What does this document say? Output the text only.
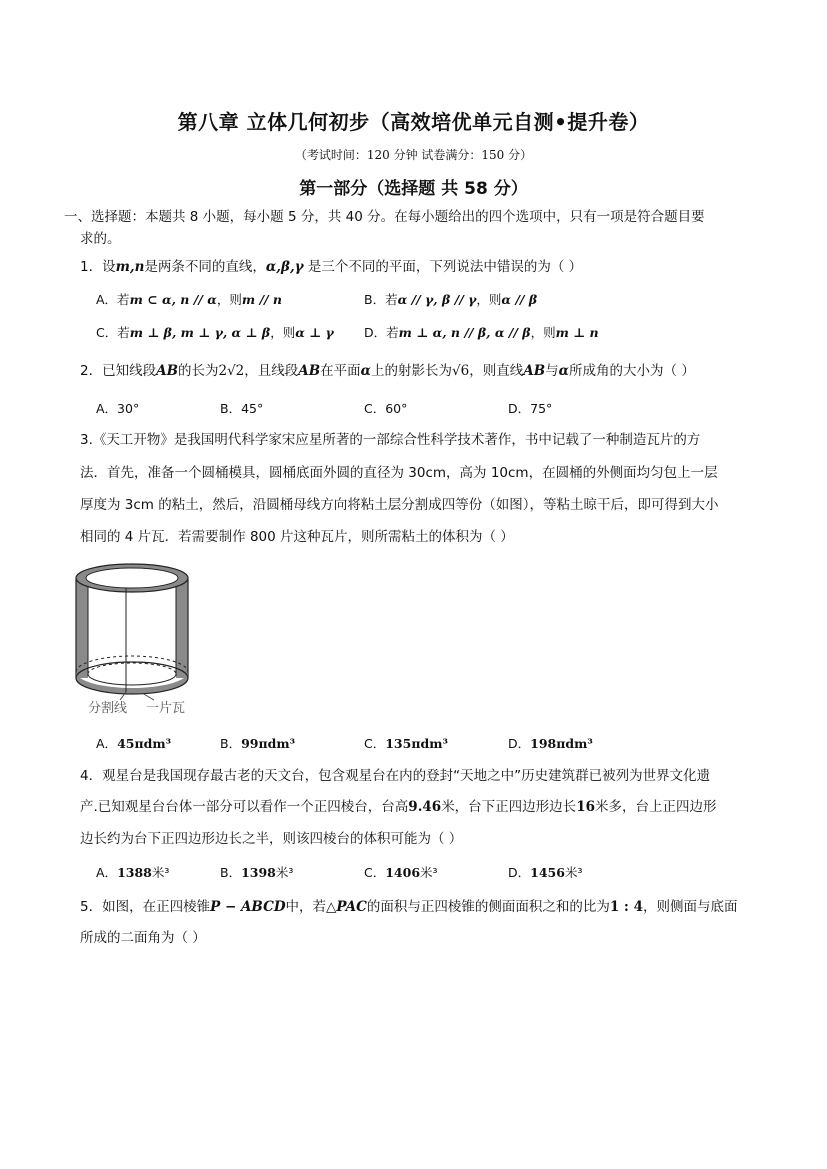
第八章 立体几何初步（高效培优单元自测•提升卷）
（考试时间：120 分钟 试卷满分：150 分）
第一部分（选择题 共 58 分）
一、选择题：本题共 8 小题，每小题 5 分，共 40 分。在每小题给出的四个选项中，只有一项是符合题目要
求的。
1．设m,n是两条不同的直线，α,β,γ 是三个不同的平面，下列说法中错误的为（ ）
A．若m ⊂ α, n // α，则m // n	B．若α // γ, β // γ，则α // β
C．若m ⊥ β, m ⊥ γ, α ⊥ β，则α ⊥ γ D．若m ⊥ α, n // β, α // β，则m ⊥ n
2．已知线段AB的长为2√2，且线段AB在平面α上的射影长为√6，则直线AB与α所成角的大小为（ ）
A．30°	B．45°	C．60°	D．75°
3.《天工开物》是我国明代科学家宋应星所著的一部综合性科学技术著作，书中记载了一种制造瓦片的方
法．首先，准备一个圆桶模具，圆桶底面外圆的直径为 30cm，高为 10cm，在圆桶的外侧面均匀包上一层
厚度为 3cm 的粘土，然后，沿圆桶母线方向将粘土层分割成四等份（如图），等粘土晾干后，即可得到大小
相同的 4 片瓦．若需要制作 800 片这种瓦片，则所需粘土的体积为（ ）
分割线 一片瓦
A．45πdm³	B．99πdm³	C．135πdm³	D．198πdm³
4．观星台是我国现存最古老的天文台，包含观星台在内的登封“天地之中”历史建筑群已被列为世界文化遗
产.已知观星台台体一部分可以看作一个正四棱台，台高9.46米，台下正四边形边长16米多，台上正四边形
边长约为台下正四边形边长之半，则该四棱台的体积可能为（ ）
A．1388米³	B．1398米³	C．1406米³	D．1456米³
5．如图，在正四棱锥P − ABCD中，若△PAC的面积与正四棱锥的侧面面积之和的比为1 : 4，则侧面与底面
所成的二面角为（ ）
